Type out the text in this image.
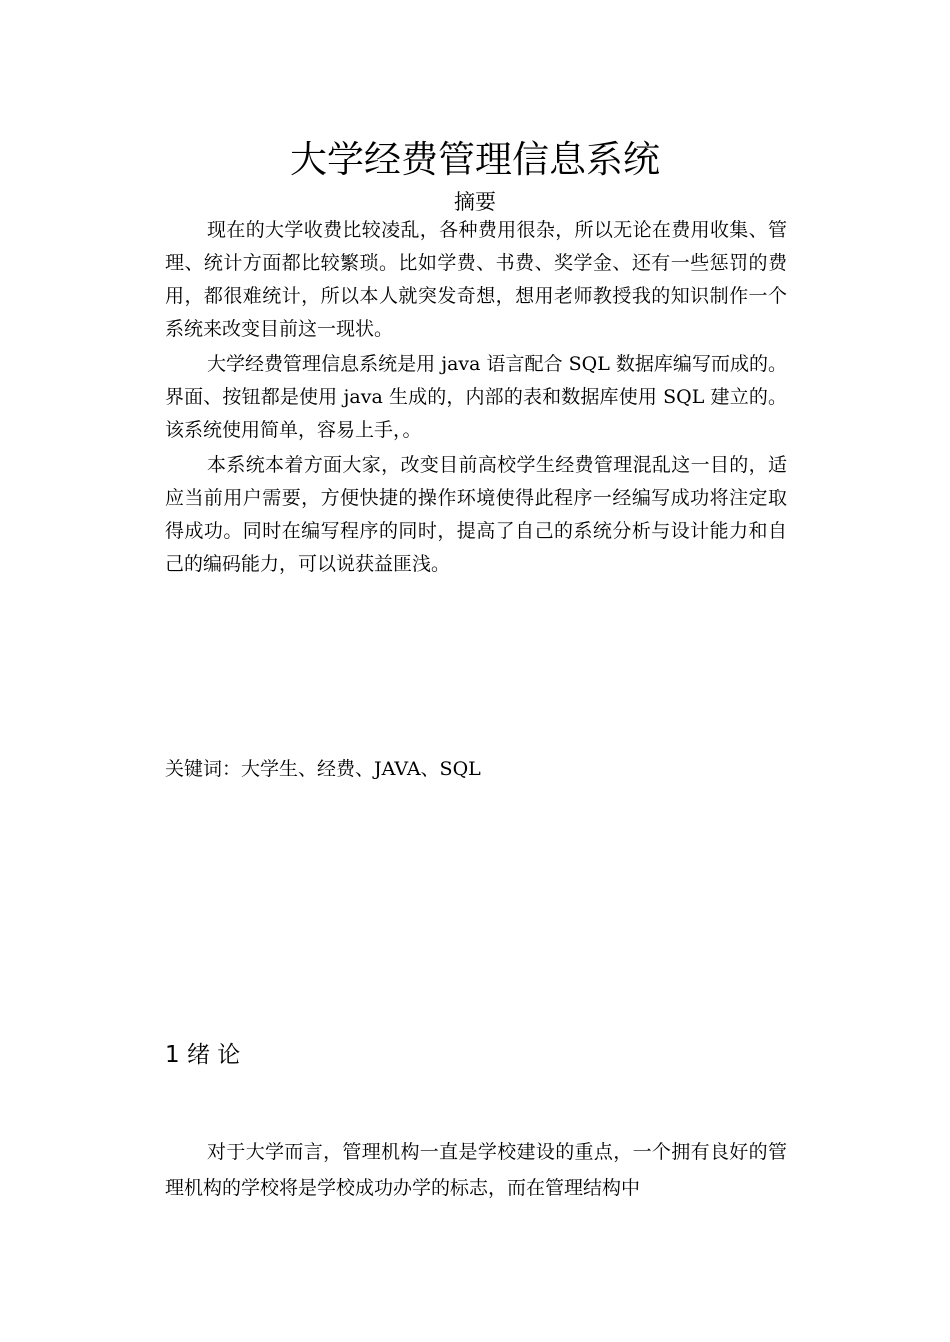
大学经费管理信息系统
摘要

现在的大学收费比较凌乱，各种费用很杂，所以无论在费用收集、管理、统计方面都比较繁琐。比如学费、书费、奖学金、还有一些惩罚的费用，都很难统计，所以本人就突发奇想，想用老师教授我的知识制作一个系统来改变目前这一现状。

大学经费管理信息系统是用 java 语言配合 SQL 数据库编写而成的。界面、按钮都是使用 java 生成的，内部的表和数据库使用 SQL 建立的。该系统使用简单，容易上手，。

本系统本着方面大家，改变目前高校学生经费管理混乱这一目的，适应当前用户需要，方便快捷的操作环境使得此程序一经编写成功将注定取得成功。同时在编写程序的同时，提高了自己的系统分析与设计能力和自己的编码能力，可以说获益匪浅。

关键词：大学生、经费、JAVA、SQL
1 绪 论

对于大学而言，管理机构一直是学校建设的重点，一个拥有良好的管理机构的学校将是学校成功办学的标志，而在管理结构中
